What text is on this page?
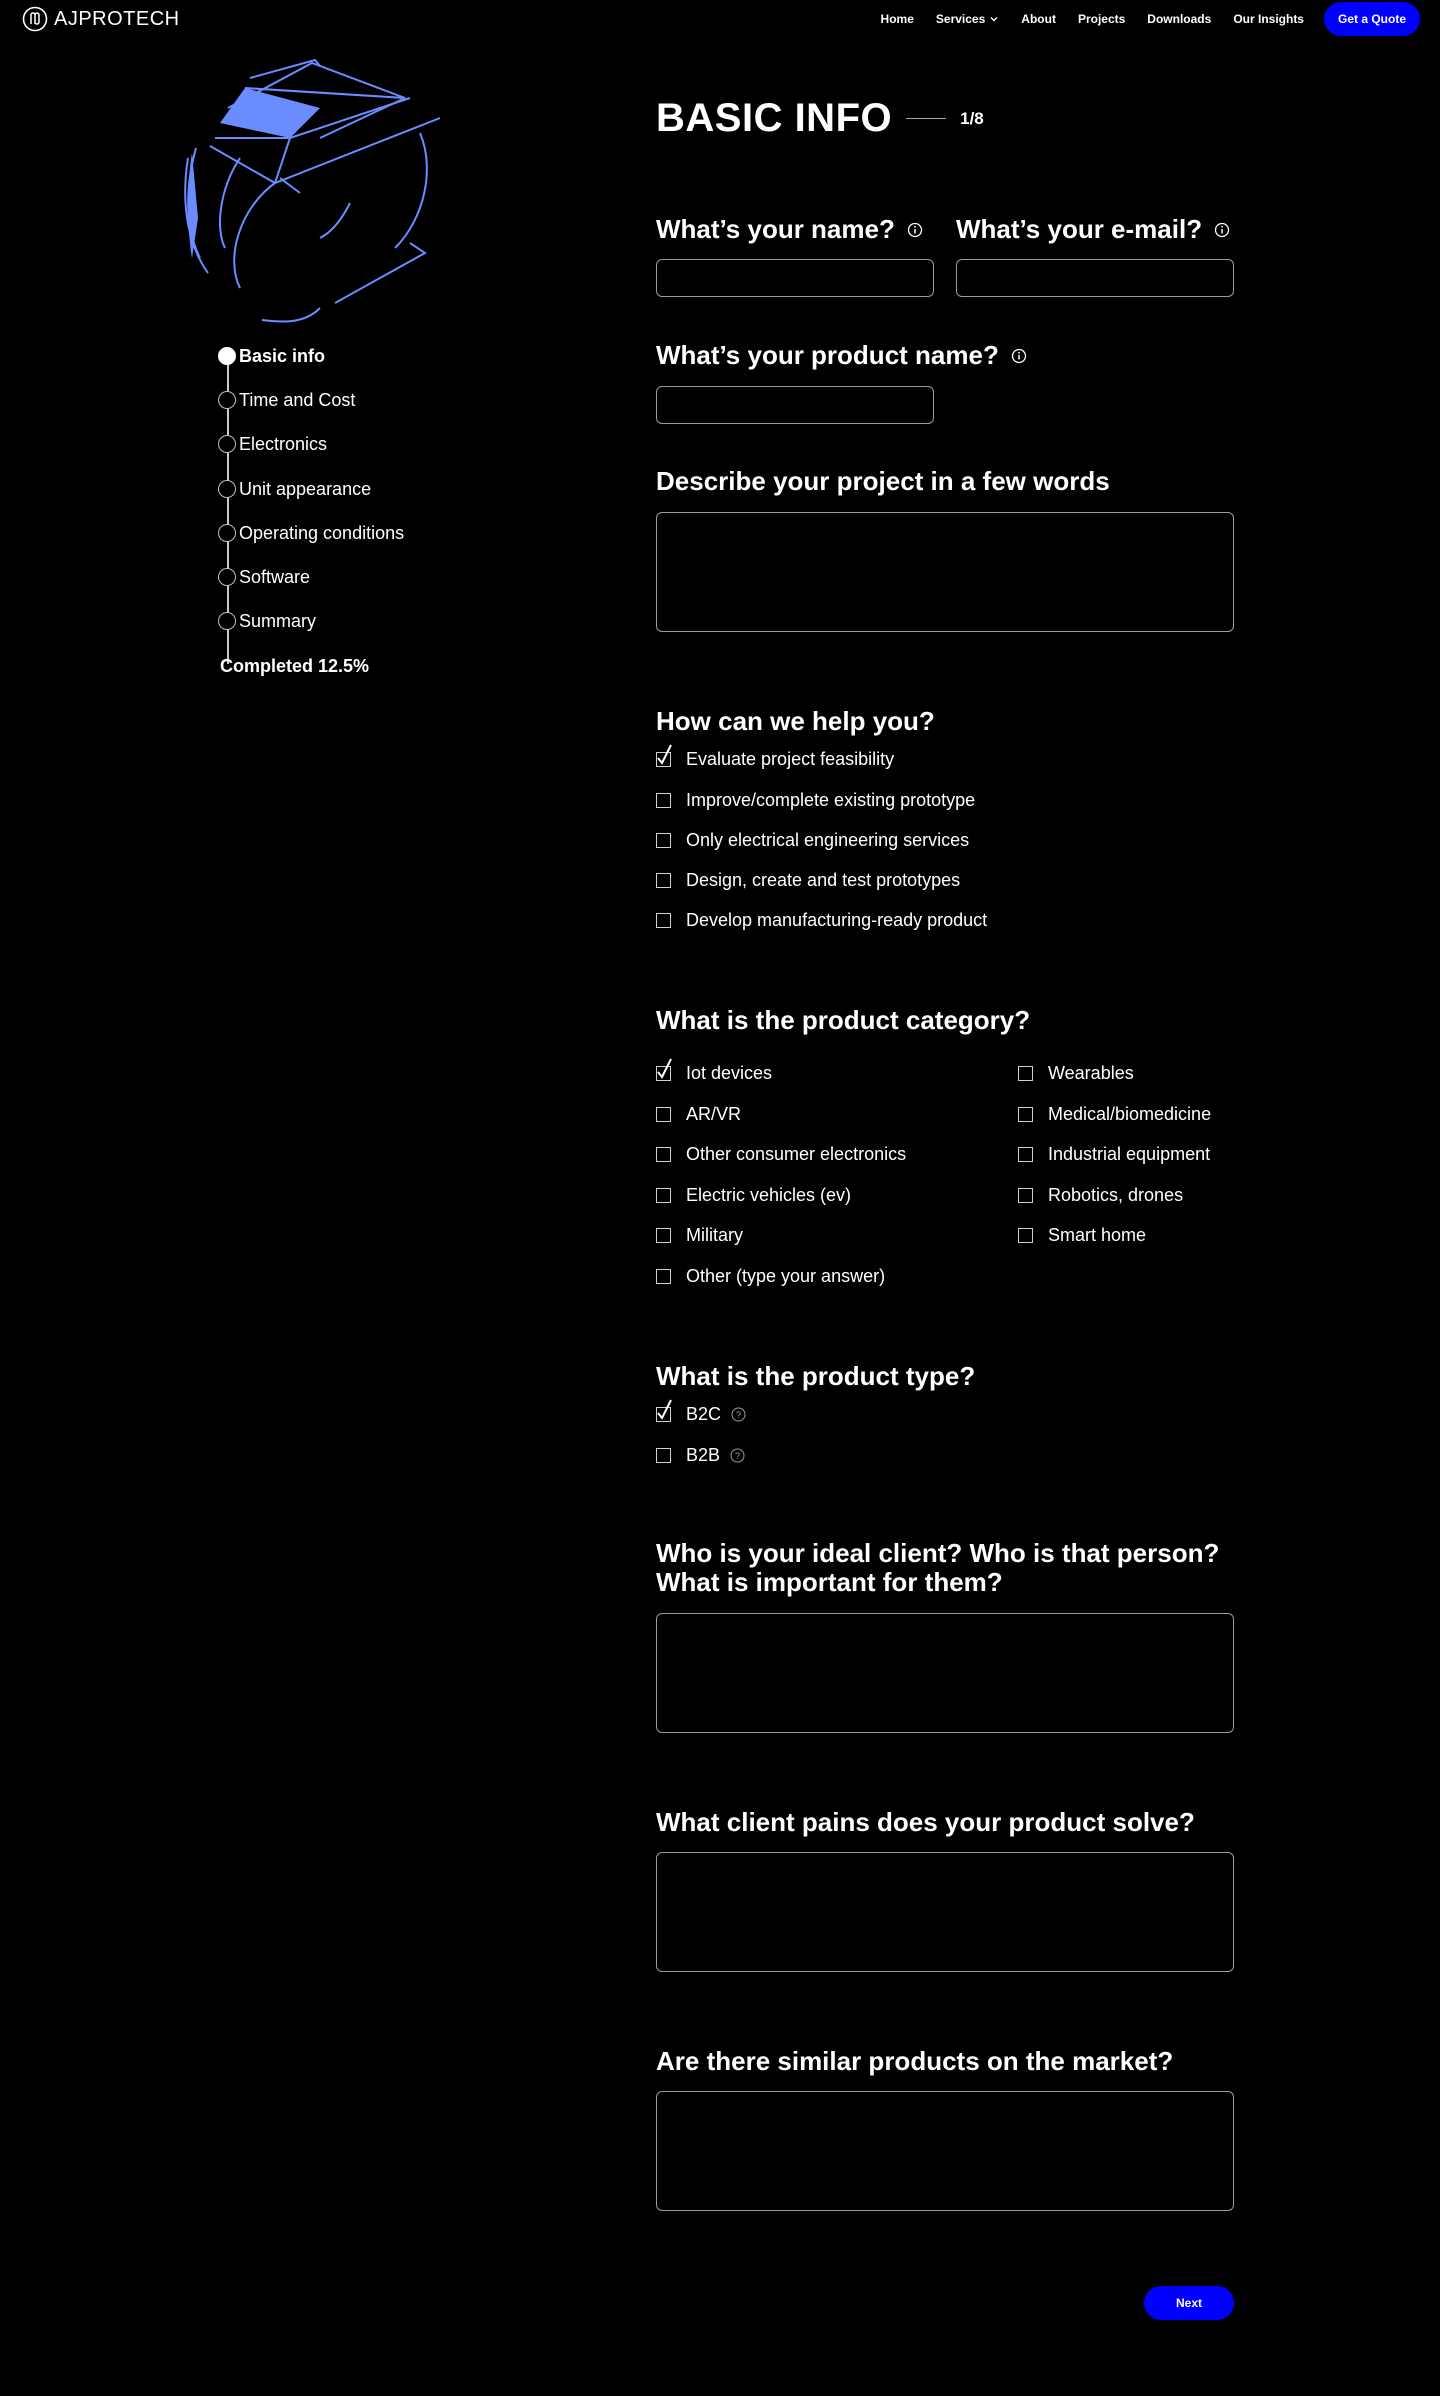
AJPROTECH	Home Services	About Projects Downloads Our Insights	Get a Quote
Basic info
Time and Cost
Electronics
Unit appearance
Operating conditions
Software
Summary
Completed 12.5%
BASIC INFO	1/8
What’s your name? What’s your e-mail?
What’s your product name?
Describe your project in a few words
How can we help you?
Evaluate project feasibility
Improve/complete existing prototype
Only electrical engineering services
Design, create and test prototypes
Develop manufacturing-ready product
What is the product category?
Iot devices
AR/VR
Other consumer electronics
Electric vehicles (ev)
Military
Other (type your answer)
Wearables
Medical/biomedicine
Industrial equipment
Robotics, drones
Smart home
What is the product type?
B2C ?
B2B ?
Who is your ideal client? Who is that person?
What is important for them?
What client pains does your product solve?
Are there similar products on the market?
Next
